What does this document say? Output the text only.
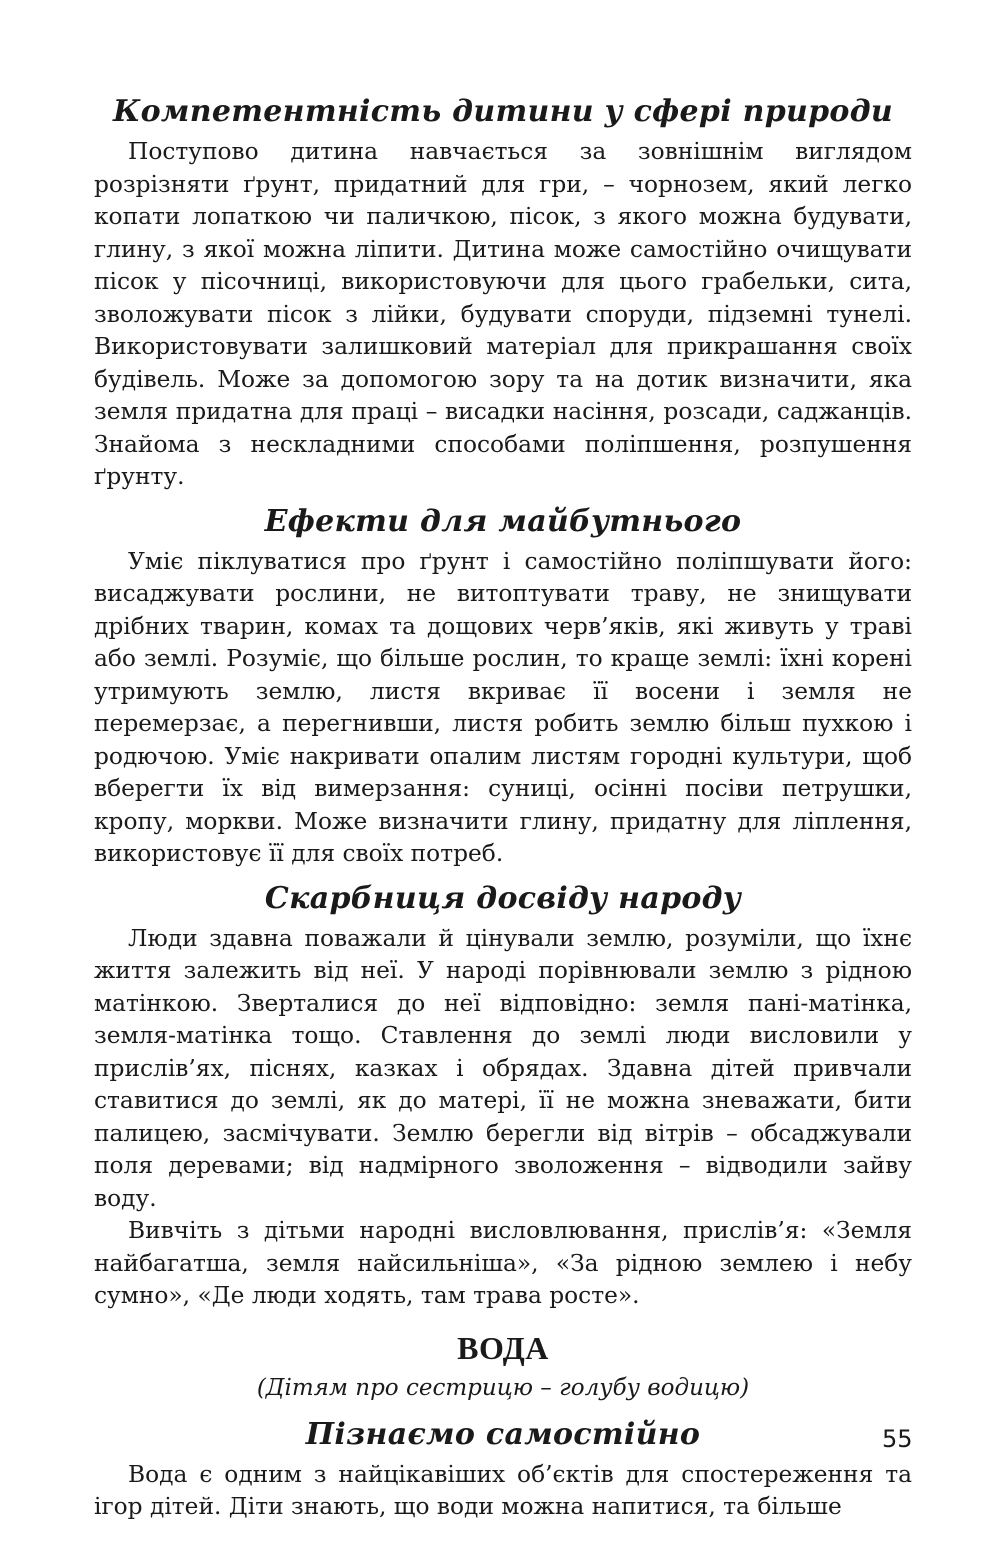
Компетентність дитини у сфері природи

Поступово дитина навчається за зовнішнім виглядом розрізняти ґрунт, придатний для гри, – чорнозем, який легко копати лопаткою чи паличкою, пісок, з якого можна будувати, глину, з якої можна ліпити. Дитина може самостійно очищувати пісок у пісочниці, використовуючи для цього грабельки, сита, зволожувати пісок з лійки, будувати споруди, підземні тунелі. Використовувати залишковий матеріал для прикрашання своїх будівель. Може за допомогою зору та на дотик визначити, яка земля придатна для праці – висадки насіння, розсади, саджанців. Знайома з нескладними способами поліпшення, розпушення ґрунту.

Ефекти для майбутнього

Уміє піклуватися про ґрунт і самостійно поліпшувати його: висаджувати рослини, не витоптувати траву, не знищувати дрібних тварин, комах та дощових черв’яків, які живуть у траві або землі. Розуміє, що більше рослин, то краще землі: їхні корені утримують землю, листя вкриває її восени і земля не перемерзає, а перегнивши, листя робить землю більш пухкою і родючою. Уміє накривати опалим листям городні культури, щоб вберегти їх від вимерзання: суниці, осінні посіви петрушки, кропу, моркви. Може визначити глину, придатну для ліплення, використовує її для своїх потреб.

Скарбниця досвіду народу

Люди здавна поважали й цінували землю, розуміли, що їхнє життя залежить від неї. У народі порівнювали землю з рідною матінкою. Зверталися до неї відповідно: земля пані-матінка, земля-матінка тощо. Ставлення до землі люди висловили у прислів’ях, піснях, казках і обрядах. Здавна дітей привчали ставитися до землі, як до матері, її не можна зневажати, бити палицею, засмічувати. Землю берегли від вітрів – обсаджували поля деревами; від надмірного зволоження – відводили зайву воду.

Вивчіть з дітьми народні висловлювання, прислів’я: «Земля найбагатша, земля найсильніша», «За рідною землею і небу сумно», «Де люди ходять, там трава росте».

ВОДА
(Дітям про сестрицю – голубу водицю)
Пізнаємо самостійно

Вода є одним з найцікавіших об’єктів для спостереження та ігор дітей. Діти знають, що води можна напитися, та більше

55
